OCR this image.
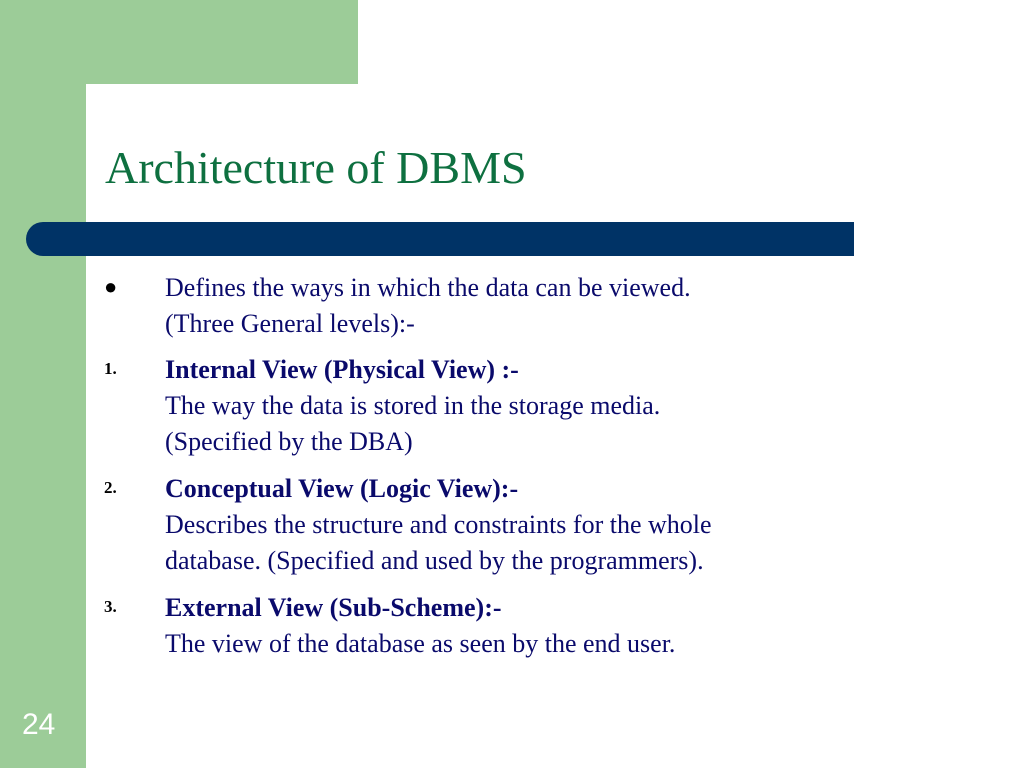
Architecture of DBMS
● Defines the ways in which the data can be viewed.
(Three General levels):-
1. Internal View (Physical View) :-
The way the data is stored in the storage media.
(Specified by the DBA)
2. Conceptual View (Logic View):-
Describes the structure and constraints for the whole
database. (Specified and used by the programmers).
3. External View (Sub-Scheme):-
The view of the database as seen by the end user.
24
